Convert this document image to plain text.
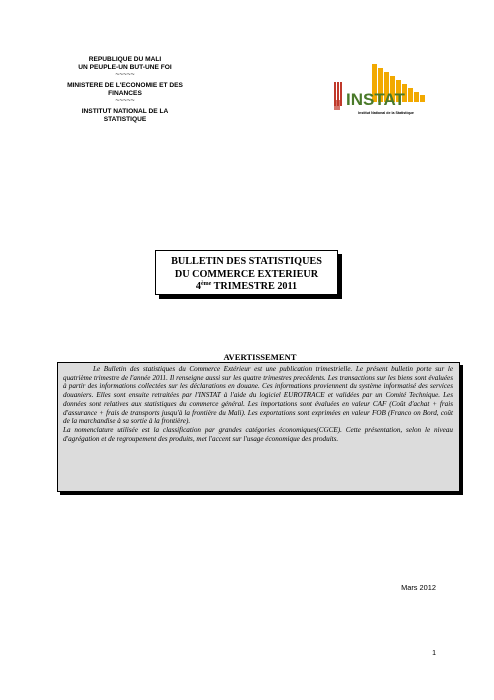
REPUBLIQUE DU MALI
UN PEUPLE-UN BUT-UNE FOI
~~~~~
MINISTERE DE L'ECONOMIE ET DES
FINANCES
~~~~~
INSTITUT NATIONAL DE LA
STATISTIQUE
INSTAT
Institut National de la Statistique
BULLETIN DES STATISTIQUES
DU COMMERCE EXTERIEUR
4ème TRIMESTRE 2011
AVERTISSEMENT

Le Bulletin des statistiques du Commerce Extérieur est une publication trimestrielle. Le présent bulletin porte sur le quatrième trimestre de l'année 2011. Il renseigne aussi sur les quatre trimestres precédents. Les transactions sur les biens sont évaluées à partir des informations collectées sur les déclarations en douane. Ces informations proviennent du système informatisé des services douaniers. Elles sont ensuite retraitées par l'INSTAT à l'aide du logiciel EUROTRACE et validées par un Comité Technique. Les données sont relatives aux statistiques du commerce général. Les importations sont évaluées en valeur CAF (Coût d'achat + frais d'assurance + frais de transports jusqu'à la frontière du Mali). Les exportations sont exprimées en valeur FOB (Franco on Bord, coût de la marchandise à sa sortie à la frontière).

La nomenclature utilisée est la classification par grandes catégories économiques(CGCE). Cette présentation, selon le niveau d'agrégation et de regroupement des produits, met l'accent sur l'usage économique des produits.

Mars 2012
1
